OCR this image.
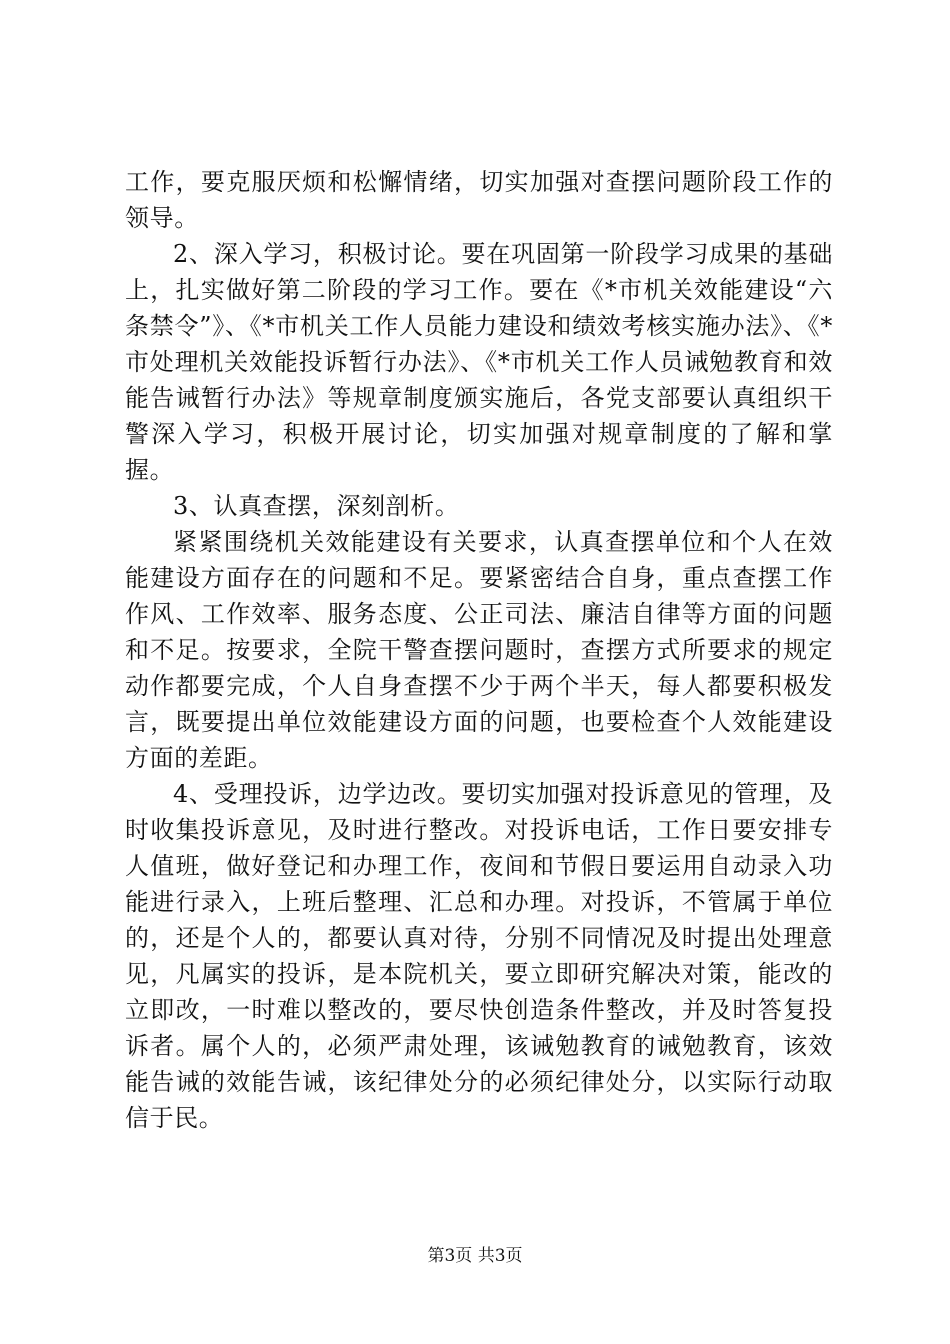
工作，要克服厌烦和松懈情绪，切实加强对查摆问题阶段工作的领导。

2、深入学习，积极讨论。要在巩固第一阶段学习成果的基础上，扎实做好第二阶段的学习工作。要在《*市机关效能建设“六条禁令”》、《*市机关工作人员能力建设和绩效考核实施办法》、《*市处理机关效能投诉暂行办法》、《*市机关工作人员诫勉教育和效能告诫暂行办法》等规章制度颁实施后，各党支部要认真组织干警深入学习，积极开展讨论，切实加强对规章制度的了解和掌握。

3、认真查摆，深刻剖析。

紧紧围绕机关效能建设有关要求，认真查摆单位和个人在效能建设方面存在的问题和不足。要紧密结合自身，重点查摆工作作风、工作效率、服务态度、公正司法、廉洁自律等方面的问题和不足。按要求，全院干警查摆问题时，查摆方式所要求的规定动作都要完成，个人自身查摆不少于两个半天，每人都要积极发言，既要提出单位效能建设方面的问题，也要检查个人效能建设方面的差距。

4、受理投诉，边学边改。要切实加强对投诉意见的管理，及时收集投诉意见，及时进行整改。对投诉电话，工作日要安排专人值班，做好登记和办理工作，夜间和节假日要运用自动录入功能进行录入，上班后整理、汇总和办理。对投诉，不管属于单位的，还是个人的，都要认真对待，分别不同情况及时提出处理意见，凡属实的投诉，是本院机关，要立即研究解决对策，能改的立即改，一时难以整改的，要尽快创造条件整改，并及时答复投诉者。属个人的，必须严肃处理，该诫勉教育的诫勉教育，该效能告诫的效能告诫，该纪律处分的必须纪律处分，以实际行动取信于民。

第3页 共3页
